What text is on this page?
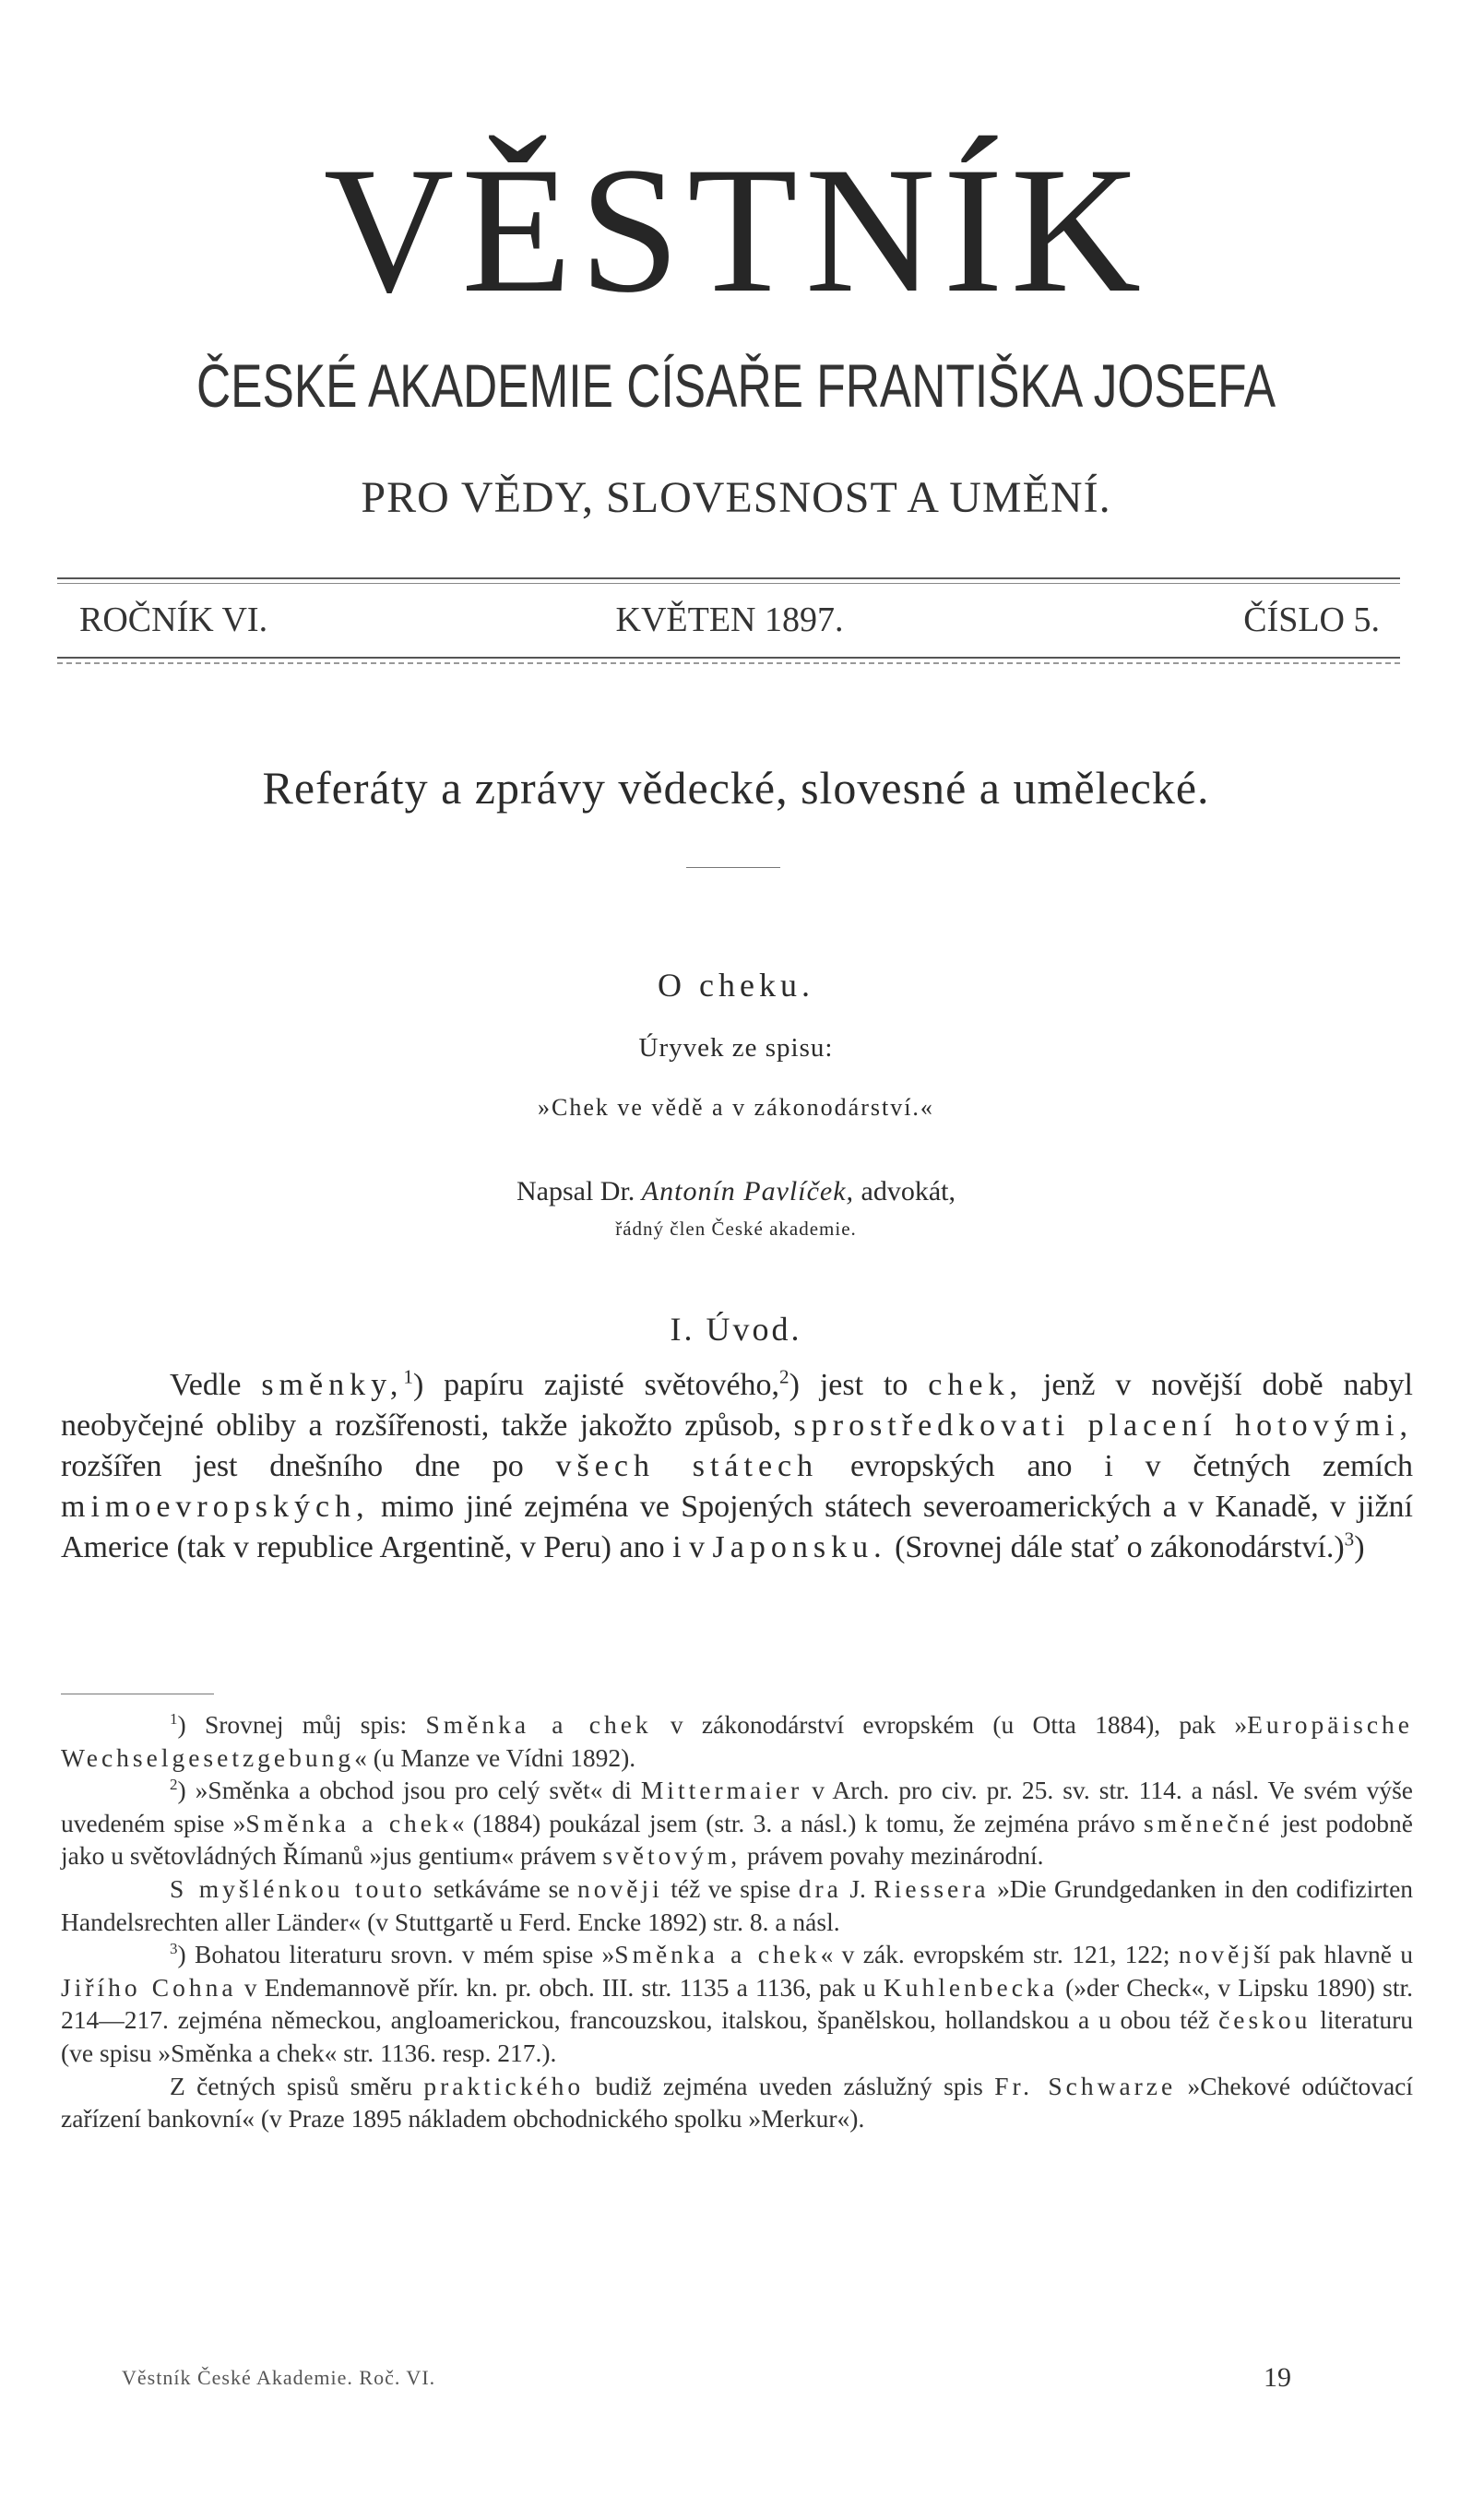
VĚSTNÍK
ČESKÉ AKADEMIE CÍSAŘE FRANTIŠKA JOSEFA
PRO VĚDY, SLOVESNOST A UMĚNÍ.
ROČNÍK VI.	KVĚTEN 1897.	ČÍSLO 5.
Referáty a zprávy vědecké, slovesné a umělecké.
O cheku.
Úryvek ze spisu:
»Chek ve vědě a v zákonodárství.«
Napsal Dr. Antonín Pavlíček, advokát,
řádný člen České akademie.
I. Úvod.

Vedle směnky,$^1$) papíru zajisté světového,$^2$) jest to chek, jenž v novější době nabyl neobyčejné obliby a rozšířenosti, takže jakožto způsob, sprostředkovati placení hotovými, rozšířen jest dnešního dne po všech státech evropských ano i v četných zemích mimoevropských, mimo jiné zejména ve Spojených státech severoamerických a v Kanadě, v jižní Americe (tak v republice Argentině, v Peru) ano i v Japonsku. (Srovnej dále stať o zákonodárství.)$^3$)

$^1$) Srovnej můj spis: Směnka a chek v zákonodárství evropském (u Otta 1884), pak »Europäische Wechselgesetzgebung« (u Manze ve Vídni 1892).

$^2$) »Směnka a obchod jsou pro celý svět« di Mittermaier v Arch. pro civ. pr. 25. sv. str. 114. a násl. Ve svém výše uvedeném spise »Směnka a chek« (1884) poukázal jsem (str. 3. a násl.) k tomu, že zejména právo směnečné jest podobně jako u světovládných Římanů »jus gentium« právem světovým, právem povahy mezinárodní.

S myšlénkou touto setkáváme se nověji též ve spise dra J. Riessera »Die Grundgedanken in den codifizirten Handelsrechten aller Länder« (v Stuttgartě u Ferd. Encke 1892) str. 8. a násl.

$^3$) Bohatou literaturu srovn. v mém spise »Směnka a chek« v zák. evropském str. 121, 122; novější pak hlavně u Jiřího Cohna v Endemannově přír. kn. pr. obch. III. str. 1135 a 1136, pak u Kuhlenbecka (»der Check«, v Lipsku 1890) str. 214—217. zejména německou, angloamerickou, francouzskou, italskou, španělskou, hollandskou a u obou též českou literaturu (ve spisu »Směnka a chek« str. 1136. resp. 217.).

Z četných spisů směru praktického budiž zejména uveden záslužný spis Fr. Schwarze »Chekové odúčtovací zařízení bankovní« (v Praze 1895 nákladem obchodnického spolku »Merkur«).

Věstník České Akademie. Roč. VI.	19
